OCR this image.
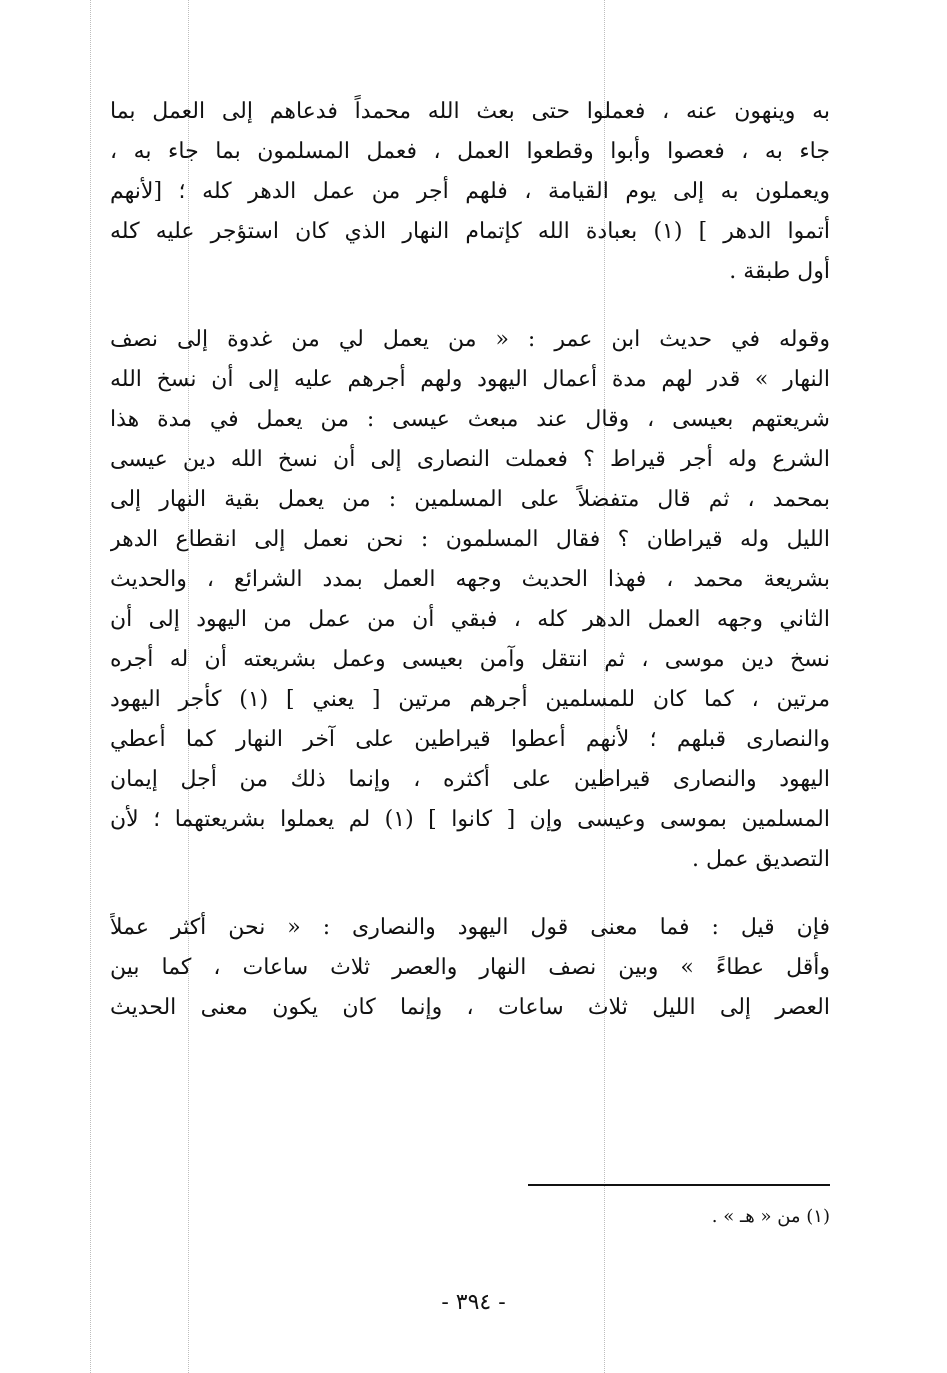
به وينهون عنه ، فعملوا حتى بعث الله محمداً فدعاهم إلى العمل بما
جاء به ، فعصوا وأبوا وقطعوا العمل ، فعمل المسلمون بما جاء به ،
ويعملون به إلى يوم القيامة ، فلهم أجر من عمل الدهر كله ؛ [لأنهم
أتموا الدهر ] (١) بعبادة الله كإتمام النهار الذي كان استؤجر عليه كله
أول طبقة .
وقوله في حديث ابن عمر : « من يعمل لي من غدوة إلى نصف
النهار » قدر لهم مدة أعمال اليهود ولهم أجرهم عليه إلى أن نسخ الله
شريعتهم بعيسى ، وقال عند مبعث عيسى : من يعمل في مدة هذا
الشرع وله أجر قيراط ؟ فعملت النصارى إلى أن نسخ الله دين عيسى
بمحمد ، ثم قال متفضلاً على المسلمين : من يعمل بقية النهار إلى
الليل وله قيراطان ؟ فقال المسلمون : نحن نعمل إلى انقطاع الدهر
بشريعة محمد ، فهذا الحديث وجهه العمل بمدد الشرائع ، والحديث
الثاني وجهه العمل الدهر كله ، فبقي أن من عمل من اليهود إلى أن
نسخ دين موسى ، ثم انتقل وآمن بعيسى وعمل بشريعته أن له أجره
مرتين ، كما كان للمسلمين أجرهم مرتين [ يعني ] (١) كأجر اليهود
والنصارى قبلهم ؛ لأنهم أعطوا قيراطين على آخر النهار كما أعطي
اليهود والنصارى قيراطين على أكثره ، وإنما ذلك من أجل إيمان
المسلمين بموسى وعيسى وإن [ كانوا ] (١) لم يعملوا بشريعتهما ؛ لأن
التصديق عمل .
فإن قيل : فما معنى قول اليهود والنصارى : « نحن أكثر عملاً
وأقل عطاءً » وبين نصف النهار والعصر ثلاث ساعات ، كما بين
العصر إلى الليل ثلاث ساعات ، وإنما كان يكون معنى الحديث
(١) من « هـ » .
- ٣٩٤ -
